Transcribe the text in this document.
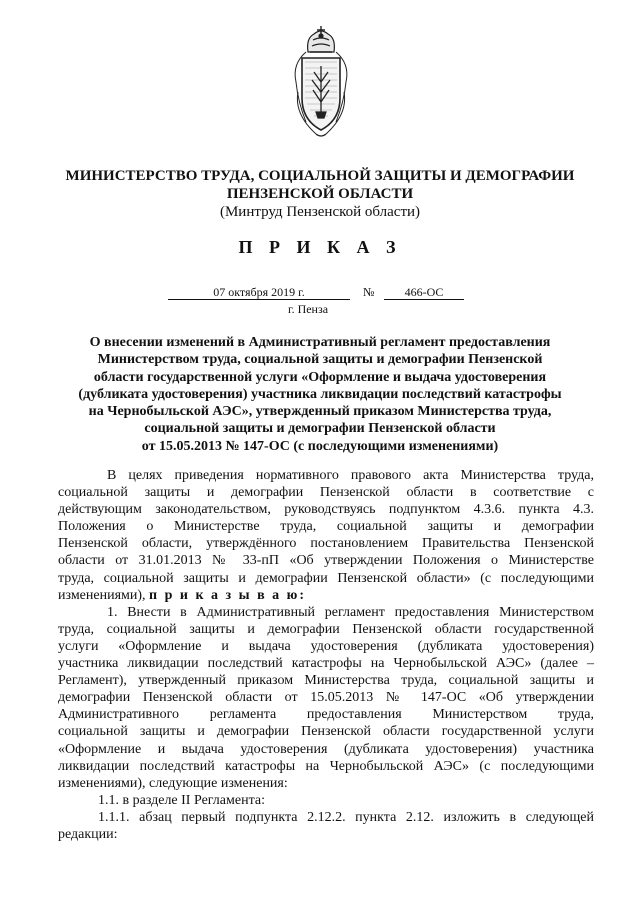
МИНИСТЕРСТВО ТРУДА, СОЦИАЛЬНОЙ ЗАЩИТЫ И ДЕМОГРАФИИ
ПЕНЗЕНСКОЙ ОБЛАСТИ
(Минтруд Пензенской области)
П Р И К А З
07 октября 2019 г.	№	466-ОС
г. Пенза
О внесении изменений в Административный регламент предоставления
Министерством труда, социальной защиты и демографии Пензенской
области государственной услуги «Оформление и выдача удостоверения
(дубликата удостоверения) участника ликвидации последствий катастрофы
на Чернобыльской АЭС», утвержденный приказом Министерства труда,
социальной защиты и демографии Пензенской области
от 15.05.2013 № 147-ОС (с последующими изменениями)
В целях приведения нормативного правового акта Министерства труда,
социальной защиты и демографии Пензенской области в соответствие с
действующим законодательством, руководствуясь подпунктом 4.3.6. пункта 4.3.
Положения о Министерстве труда, социальной защиты и демографии
Пензенской области, утверждённого постановлением Правительства Пензенской
области от 31.01.2013 № 33-пП «Об утверждении Положения о Министерстве
труда, социальной защиты и демографии Пензенской области» (с последующими
изменениями), п р и к а з ы в а ю:
1. Внести в Административный регламент предоставления Министерством
труда, социальной защиты и демографии Пензенской области государственной
услуги «Оформление и выдача удостоверения (дубликата удостоверения)
участника ликвидации последствий катастрофы на Чернобыльской АЭС» (далее –
Регламент), утвержденный приказом Министерства труда, социальной защиты и
демографии Пензенской области от 15.05.2013 № 147-ОС «Об утверждении
Административного регламента предоставления Министерством труда,
социальной защиты и демографии Пензенской области государственной услуги
«Оформление и выдача удостоверения (дубликата удостоверения) участника
ликвидации последствий катастрофы на Чернобыльской АЭС» (с последующими
изменениями), следующие изменения:
1.1. в разделе II Регламента:
1.1.1. абзац первый подпункта 2.12.2. пункта 2.12. изложить в следующей
редакции:
